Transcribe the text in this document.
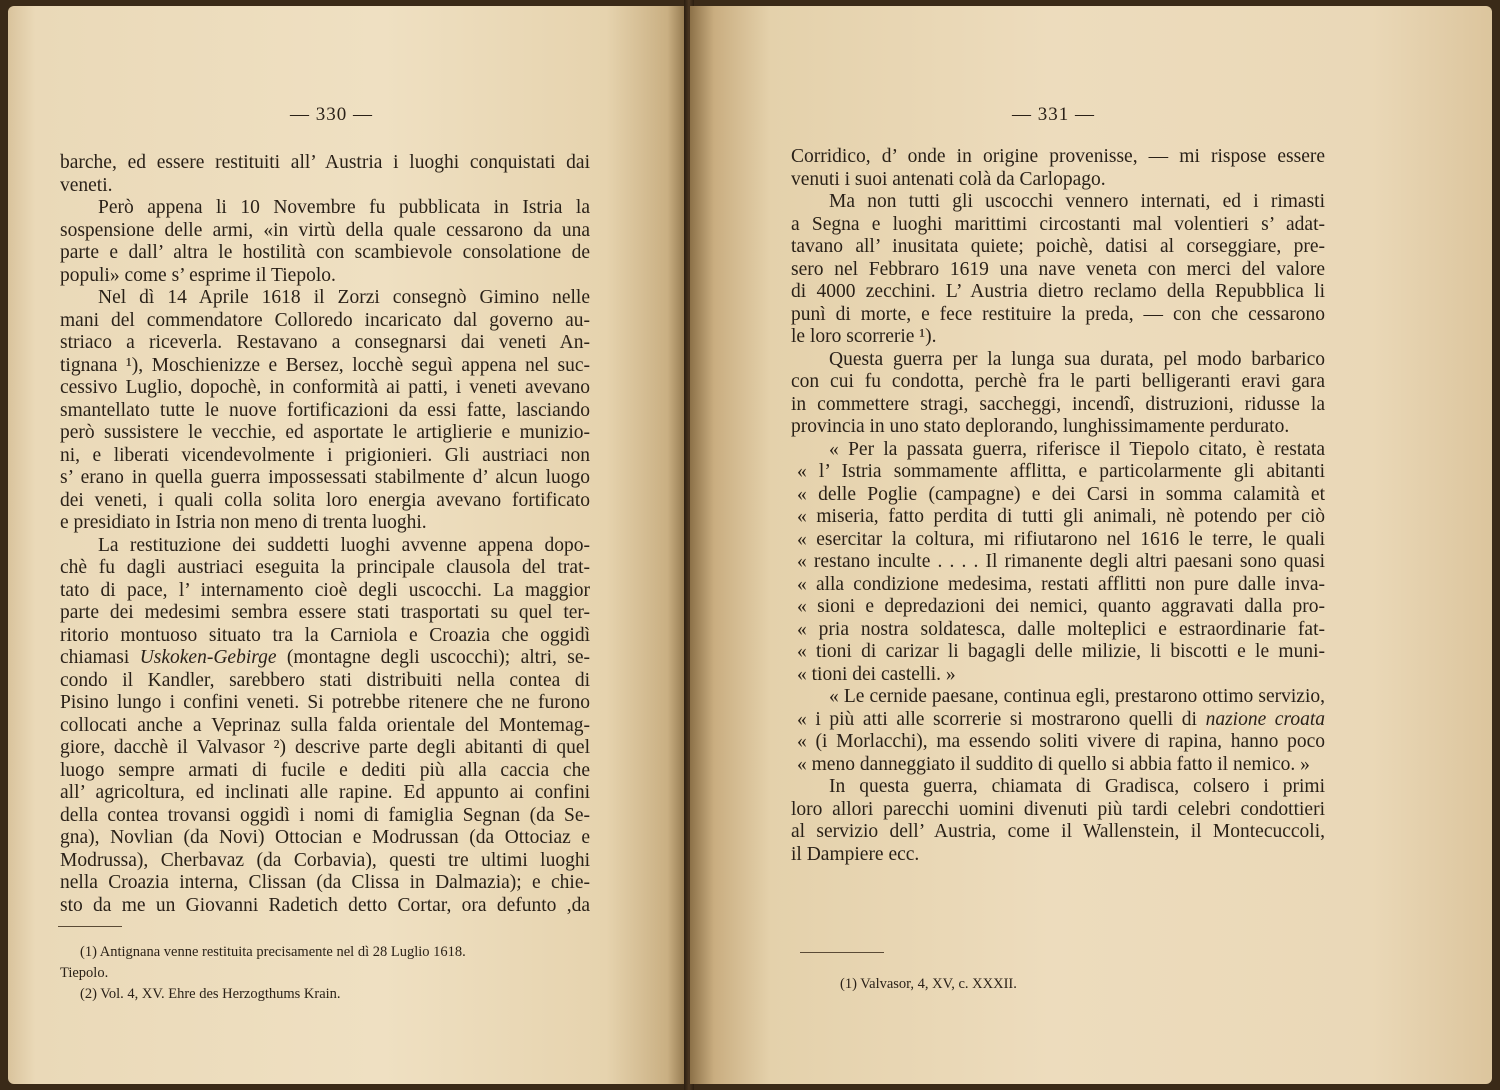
— 330 —
barche, ed essere restituiti all’ Austria i luoghi conquistati dai
veneti.
Però appena li 10 Novembre fu pubblicata in Istria la
sospensione delle armi, «in virtù della quale cessarono da una
parte e dall’ altra le hostilità con scambievole consolatione de
populi» come s’ esprime il Tiepolo.
Nel dì 14 Aprile 1618 il Zorzi consegnò Gimino nelle
mani del commendatore Colloredo incaricato dal governo au-
striaco a riceverla. Restavano a consegnarsi dai veneti An-
tignana ¹), Moschienizze e Bersez, locchè seguì appena nel suc-
cessivo Luglio, dopochè, in conformità ai patti, i veneti avevano
smantellato tutte le nuove fortificazioni da essi fatte, lasciando
però sussistere le vecchie, ed asportate le artiglierie e munizio-
ni, e liberati vicendevolmente i prigionieri. Gli austriaci non
s’ erano in quella guerra impossessati stabilmente d’ alcun luogo
dei veneti, i quali colla solita loro energia avevano fortificato
e presidiato in Istria non meno di trenta luoghi.
La restituzione dei suddetti luoghi avvenne appena dopo-
chè fu dagli austriaci eseguita la principale clausola del trat-
tato di pace, l’ internamento cioè degli uscocchi. La maggior
parte dei medesimi sembra essere stati trasportati su quel ter-
ritorio montuoso situato tra la Carniola e Croazia che oggidì
chiamasi Uskoken-Gebirge (montagne degli uscocchi); altri, se-
condo il Kandler, sarebbero stati distribuiti nella contea di
Pisino lungo i confini veneti. Si potrebbe ritenere che ne furono
collocati anche a Veprinaz sulla falda orientale del Montemag-
giore, dacchè il Valvasor ²) descrive parte degli abitanti di quel
luogo sempre armati di fucile e dediti più alla caccia che
all’ agricoltura, ed inclinati alle rapine. Ed appunto ai confini
della contea trovansi oggidì i nomi di famiglia Segnan (da Se-
gna), Novlian (da Novi) Ottocian e Modrussan (da Ottociaz e
Modrussa), Cherbavaz (da Corbavia), questi tre ultimi luoghi
nella Croazia interna, Clissan (da Clissa in Dalmazia); e chie-
sto da me un Giovanni Radetich detto Cortar, ora defunto ,da
(1) Antignana venne restituita precisamente nel dì 28 Luglio 1618.
Tiepolo.
(2) Vol. 4, XV. Ehre des Herzogthums Krain.
— 331 —
Corridico, d’ onde in origine provenisse, — mi rispose essere
venuti i suoi antenati colà da Carlopago.
Ma non tutti gli uscocchi vennero internati, ed i rimasti
a Segna e luoghi marittimi circostanti mal volentieri s’ adat-
tavano all’ inusitata quiete; poichè, datisi al corseggiare, pre-
sero nel Febbraro 1619 una nave veneta con merci del valore
di 4000 zecchini. L’ Austria dietro reclamo della Repubblica li
punì di morte, e fece restituire la preda, — con che cessarono
le loro scorrerie ¹).
Questa guerra per la lunga sua durata, pel modo barbarico
con cui fu condotta, perchè fra le parti belligeranti eravi gara
in commettere stragi, saccheggi, incendî, distruzioni, ridusse la
provincia in uno stato deplorando, lunghissimamente perdurato.
« Per la passata guerra, riferisce il Tiepolo citato, è restata
« l’ Istria sommamente afflitta, e particolarmente gli abitanti
« delle Poglie (campagne) e dei Carsi in somma calamità et
« miseria, fatto perdita di tutti gli animali, nè potendo per ciò
« esercitar la coltura, mi rifiutarono nel 1616 le terre, le quali
« restano inculte . . . . Il rimanente degli altri paesani sono quasi
« alla condizione medesima, restati afflitti non pure dalle inva-
« sioni e depredazioni dei nemici, quanto aggravati dalla pro-
« pria nostra soldatesca, dalle molteplici e estraordinarie fat-
« tioni di carizar li bagagli delle milizie, li biscotti e le muni-
« tioni dei castelli. »
« Le cernide paesane, continua egli, prestarono ottimo servizio,
« i più atti alle scorrerie si mostrarono quelli di nazione croata
« (i Morlacchi), ma essendo soliti vivere di rapina, hanno poco
« meno danneggiato il suddito di quello si abbia fatto il nemico. »
In questa guerra, chiamata di Gradisca, colsero i primi
loro allori parecchi uomini divenuti più tardi celebri condottieri
al servizio dell’ Austria, come il Wallenstein, il Montecuccoli,
il Dampiere ecc.
(1) Valvasor, 4, XV, c. XXXII.
